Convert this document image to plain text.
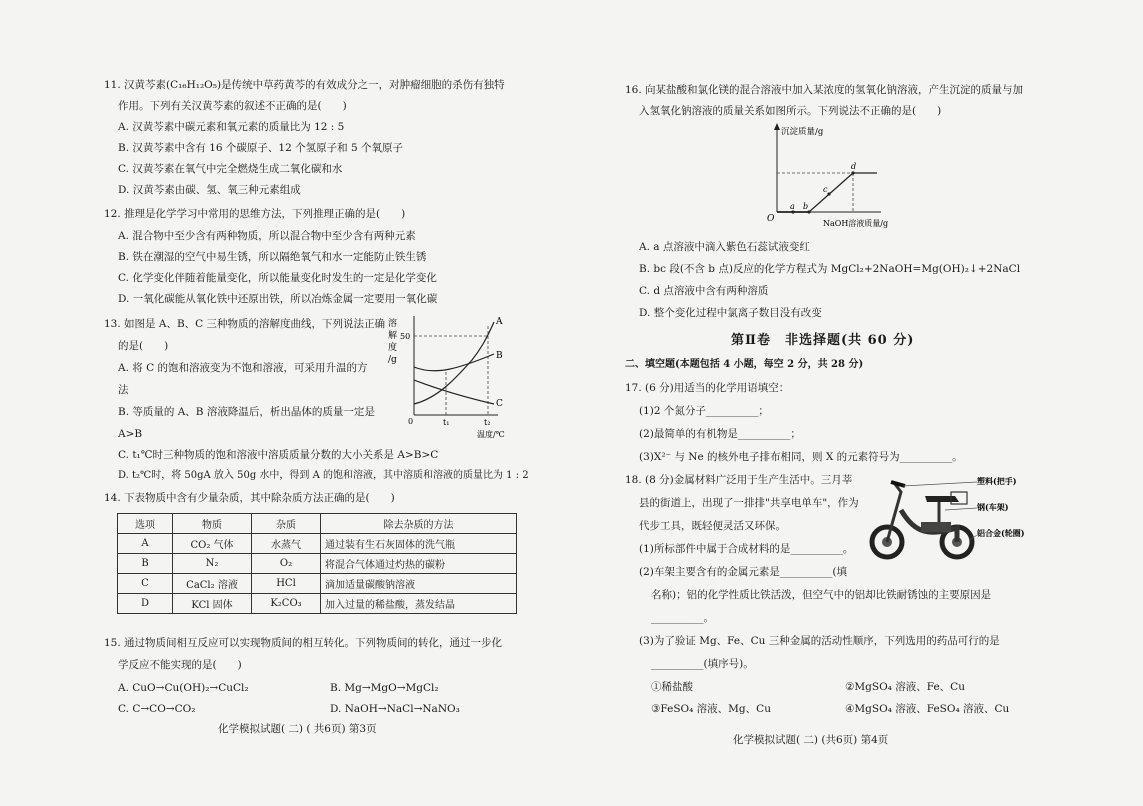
11. 汉黄芩素(C₁₆H₁₂O₅)是传统中草药黄芩的有效成分之一，对肿瘤细胞的杀伤有独特
作用。下列有关汉黄芩素的叙述不正确的是(　　)
A. 汉黄芩素中碳元素和氧元素的质量比为 12 : 5
B. 汉黄芩素中含有 16 个碳原子、12 个氢原子和 5 个氧原子
C. 汉黄芩素在氧气中完全燃烧生成二氧化碳和水
D. 汉黄芩素由碳、氢、氧三种元素组成
12. 推理是化学学习中常用的思维方法，下列推理正确的是(　　)
A. 混合物中至少含有两种物质，所以混合物中至少含有两种元素
B. 铁在潮湿的空气中易生锈，所以隔绝氧气和水一定能防止铁生锈
C. 化学变化伴随着能量变化，所以能量变化时发生的一定是化学变化
D. 一氧化碳能从氧化铁中还原出铁，所以冶炼金属一定要用一氧化碳
13. 如图是 A、B、C 三种物质的溶解度曲线，下列说法正确
的是(　　)
A. 将 C 的饱和溶液变为不饱和溶液，可采用升温的方
法
B. 等质量的 A、B 溶液降温后，析出晶体的质量一定是
A>B
C. t₁℃时三种物质的饱和溶液中溶质质量分数的大小关系是 A>B>C
D. t₂℃时，将 50gA 放入 50g 水中，得到 A 的饱和溶液，其中溶质和溶液的质量比为 1 : 2
溶
解
度
/g
50
A
B
C
0	t₁	t₂
温度/℃
14. 下表物质中含有少量杂质，其中除杂质方法正确的是(　　)
选项	物质	杂质	除去杂质的方法
A	CO₂ 气体	水蒸气	通过装有生石灰固体的洗气瓶
B	N₂	O₂	将混合气体通过灼热的碳粉
C	CaCl₂ 溶液	HCl	滴加适量碳酸钠溶液
D	KCl 固体	K₂CO₃	加入过量的稀盐酸，蒸发结晶
15. 通过物质间相互反应可以实现物质间的相互转化。下列物质间的转化，通过一步化
学反应不能实现的是(　　)
A. CuO→Cu(OH)₂→CuCl₂	B. Mg→MgO→MgCl₂
C. C→CO→CO₂	D. NaOH→NaCl→NaNO₃
化学模拟试题( 二) ( 共6页) 第3页
16. 向某盐酸和氯化镁的混合溶液中加入某浓度的氢氧化钠溶液，产生沉淀的质量与加
入氢氧化钠溶液的质量关系如图所示。下列说法不正确的是(　　)
沉淀质量/g
O
a b
c
d
NaOH溶液质量/g
A. a 点溶液中滴入紫色石蕊试液变红
B. bc 段(不含 b 点)反应的化学方程式为 MgCl₂+2NaOH=Mg(OH)₂↓+2NaCl
C. d 点溶液中含有两种溶质
D. 整个变化过程中氯离子数目没有改变
第Ⅱ卷　非选择题(共 60 分)
二、填空题(本题包括 4 小题，每空 2 分，共 28 分)
17. (6 分)用适当的化学用语填空：
(1)2 个氮分子__________；
(2)最简单的有机物是__________；
(3)X²⁻ 与 Ne 的核外电子排布相同，则 X 的元素符号为__________。
18. (8 分)金属材料广泛用于生产生活中。三月莘
县的街道上，出现了一排排"共享电单车"，作为
代步工具，既轻便灵活又环保。
(1)所标部件中属于合成材料的是__________。
(2)车架主要含有的金属元素是__________(填
名称)；铝的化学性质比铁活泼，但空气中的铝却比铁耐锈蚀的主要原因是
__________。
(3)为了验证 Mg、Fe、Cu 三种金属的活动性顺序，下列选用的药品可行的是
__________(填序号)。
①稀盐酸	②MgSO₄ 溶液、Fe、Cu
③FeSO₄ 溶液、Mg、Cu	④MgSO₄ 溶液、FeSO₄ 溶液、Cu
塑料(把手)
钢(车架)
铝合金(轮圈)
化学模拟试题( 二) (共6页) 第4页
